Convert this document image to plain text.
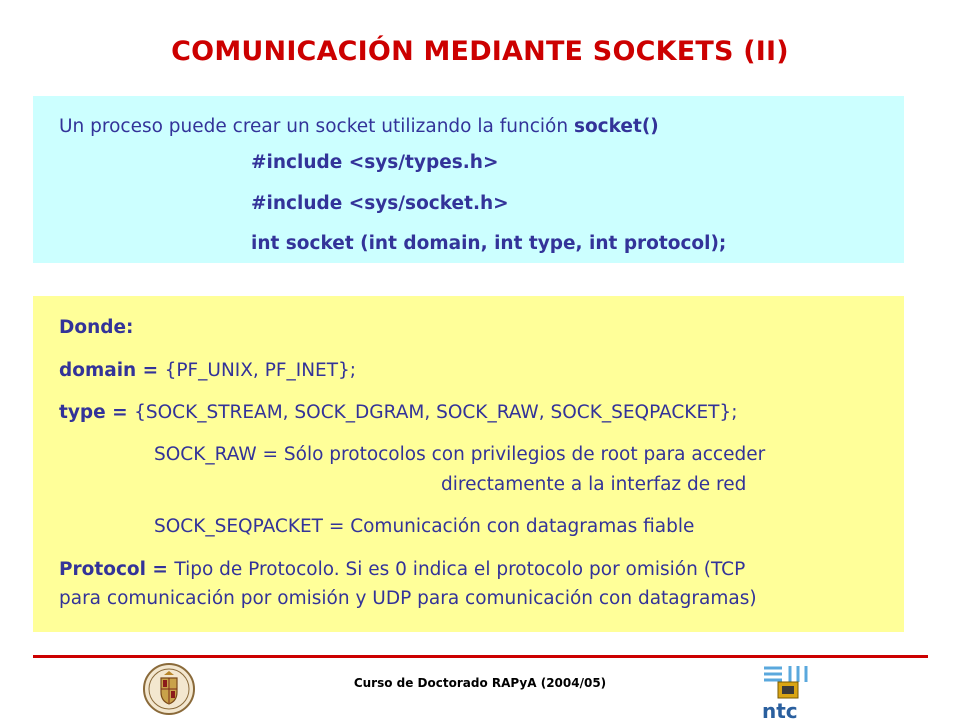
COMUNICACIÓN MEDIANTE SOCKETS (II)
Un proceso puede crear un socket utilizando la función socket()
#include <sys/types.h>
#include <sys/socket.h>
int socket (int domain, int type, int protocol);
Donde:
domain = {PF_UNIX, PF_INET};
type = {SOCK_STREAM, SOCK_DGRAM, SOCK_RAW, SOCK_SEQPACKET};
SOCK_RAW = Sólo protocolos con privilegios de root para acceder
directamente a la interfaz de red
SOCK_SEQPACKET = Comunicación con datagramas fiable
Protocol = Tipo de Protocolo. Si es 0 indica el protocolo por omisión (TCP
para comunicación por omisión y UDP para comunicación con datagramas)
Curso de Doctorado RAPyA (2004/05)
ntc
